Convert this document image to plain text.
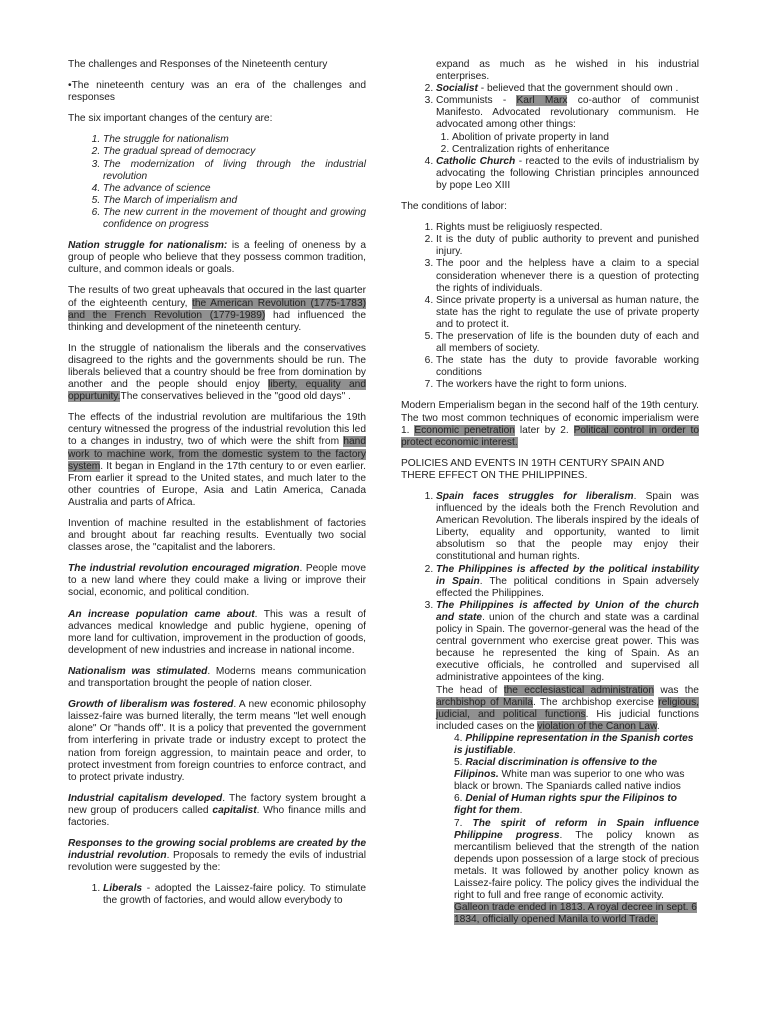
The challenges and Responses of the Nineteenth century

•The nineteenth century was an era of the challenges and responses

The six important changes of the century are:

1. The struggle for nationalism
2. The gradual spread of democracy
3. The modernization of living through the industrial revolution
4. The advance of science
5. The March of imperialism and
6. The new current in the movement of thought and growing confidence on progress

Nation struggle for nationalism: is a feeling of oneness by a group of people who believe that they possess common tradition, culture, and common ideals or goals.

The results of two great upheavals that occured in the last quarter of the eighteenth century, the American Revolution (1775-1783) and the French Revolution (1779-1989) had influenced the thinking and development of the nineteenth century.

In the struggle of nationalism the liberals and the conservatives disagreed to the rights and the governments should be run. The liberals believed that a country should be free from domination by another and the people should enjoy liberty, equality and oppurtunity.The conservatives believed in the "good old days" .

The effects of the industrial revolution are multifarious the 19th century witnessed the progress of the industrial revolution this led to a changes in industry, two of which were the shift from hand work to machine work, from the domestic system to the factory system. It began in England in the 17th century to or even earlier. From earlier it spread to the United states, and much later to the other countries of Europe, Asia and Latin America, Canada Australia and parts of Africa.

Invention of machine resulted in the establishment of factories and brought about far reaching results. Eventually two social classes arose, the "capitalist and the laborers.

The industrial revolution encouraged migration. People move to a new land where they could make a living or improve their social, economic, and political condition.

An increase population came about. This was a result of advances medical knowledge and public hygiene, opening of more land for cultivation, improvement in the production of goods, development of new industries and increase in national income.

Nationalism was stimulated. Moderns means communication and transportation brought the people of nation closer.

Growth of liberalism was fostered. A new economic philosophy laissez-faire was burned literally, the term means "let well enough alone" Or "hands off". It is a policy that prevented the government from interfering in private trade or industry except to protect the nation from foreign aggression, to maintain peace and order, to protect investment from foreign countries to enforce contract, and to protect private industry.

Industrial capitalism developed. The factory system brought a new group of producers called capitalist. Who finance mills and factories.

Responses to the growing social problems are created by the industrial revolution. Proposals to remedy the evils of industrial revolution were suggested by the:

1. Liberals - adopted the Laissez-faire policy. To stimulate the growth of factories, and would allow everybody to
expand as much as he wished in his industrial enterprises.
2. Socialist - believed that the government should own .
3. Communists - Karl Marx co-author of communist Manifesto. Advocated revolutionary communism. He advocated among other things:
1. Abolition of private property in land
2. Centralization rights of enheritance
4. Catholic Church - reacted to the evils of industrialism by advocating the following Christian principles announced by pope Leo XIII

The conditions of labor:

1. Rights must be religiuosly respected.
2. It is the duty of public authority to prevent and punished injury.
3. The poor and the helpless have a claim to a special consideration whenever there is a question of protecting the rights of individuals.
4. Since private property is a universal as human nature, the state has the right to regulate the use of private property and to protect it.
5. The preservation of life is the bounden duty of each and all members of society.
6. The state has the duty to provide favorable working conditions
7. The workers have the right to form unions.

Modern Emperialism began in the second half of the 19th century. The two most common techniques of economic imperialism were 1. Economic penetration later by 2. Political control in order to protect economic interest.

POLICIES AND EVENTS IN 19TH CENTURY SPAIN AND THERE EFFECT ON THE PHILIPPINES.

1. Spain faces struggles for liberalism. Spain was influenced by the ideals both the French Revolution and American Revolution. The liberals inspired by the ideals of Liberty, equality and opportunity, wanted to limit absolutism so that the people may enjoy their constitutional and human rights.
2. The Philippines is affected by the political instability in Spain. The political conditions in Spain adversely effected the Philippines.
3. The Philippines is affected by Union of the church and state. union of the church and state was a cardinal policy in Spain. The governor-general was the head of the central government who exercise great power. This was because he represented the king of Spain. As an executive officials, he controlled and supervised all administrative appointees of the king.
The head of the ecclesiastical administration was the archbishop of Manila. The archbishop exercise religious, judicial, and political functions. His judicial functions included cases on the violation of the Canon Law.
4. Philippine representation in the Spanish cortes is justifiable.
5. Racial discrimination is offensive to the Filipinos. White man was superior to one who was black or brown. The Spaniards called native indios
6. Denial of Human rights spur the Filipinos to fight for them.
7. The spirit of reform in Spain influence Philippine progress. The policy known as mercantilism believed that the strength of the nation depends upon possession of a large stock of precious metals. It was followed by another policy known as Laissez-faire policy. The policy gives the individual the right to full and free range of economic activity.
Galleon trade ended in 1813. A royal decree in sept. 6 1834, officially opened Manila to world Trade.
